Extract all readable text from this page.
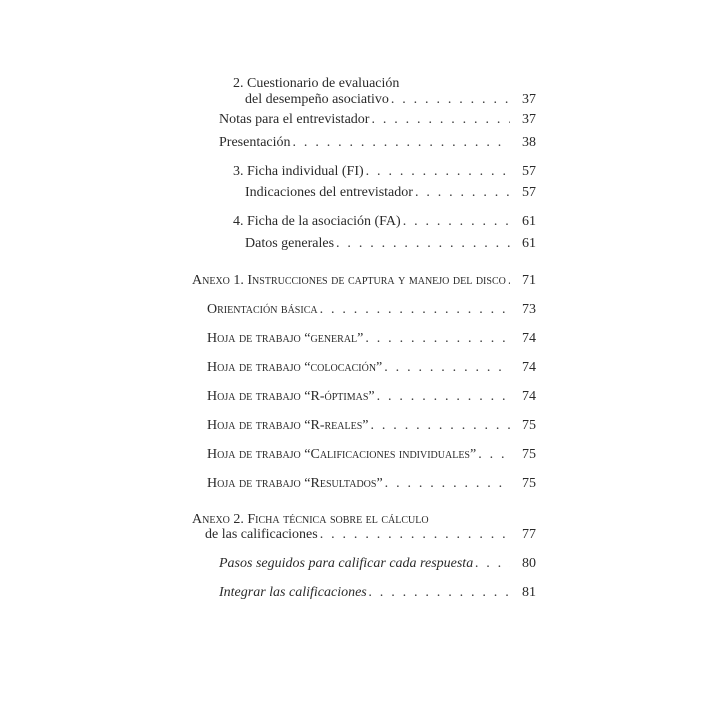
2. Cuestionario de evaluación
del desempeño asociativo . . .	37
Notas para el entrevistador . . .	37
Presentación . . .	38
3. Ficha individual (FI) . . .	57
Indicaciones del entrevistador . . .	57
4. Ficha de la asociación (FA) . . .	61
Datos generales . . .	61
Anexo 1. Instrucciones de captura y manejo del disco . . .	71
Orientación básica . . .	73
Hoja de trabajo “general” . . .	74
Hoja de trabajo “colocación” . . .	74
Hoja de trabajo “R-óptimas” . . .	74
Hoja de trabajo “R-reales” . . .	75
Hoja de trabajo “Calificaciones individuales” . . .	75
Hoja de trabajo “Resultados” . . .	75
Anexo 2. Ficha técnica sobre el cálculo
de las calificaciones . . .	77
Pasos seguidos para calificar cada respuesta . . .	80
Integrar las calificaciones . . .	81
